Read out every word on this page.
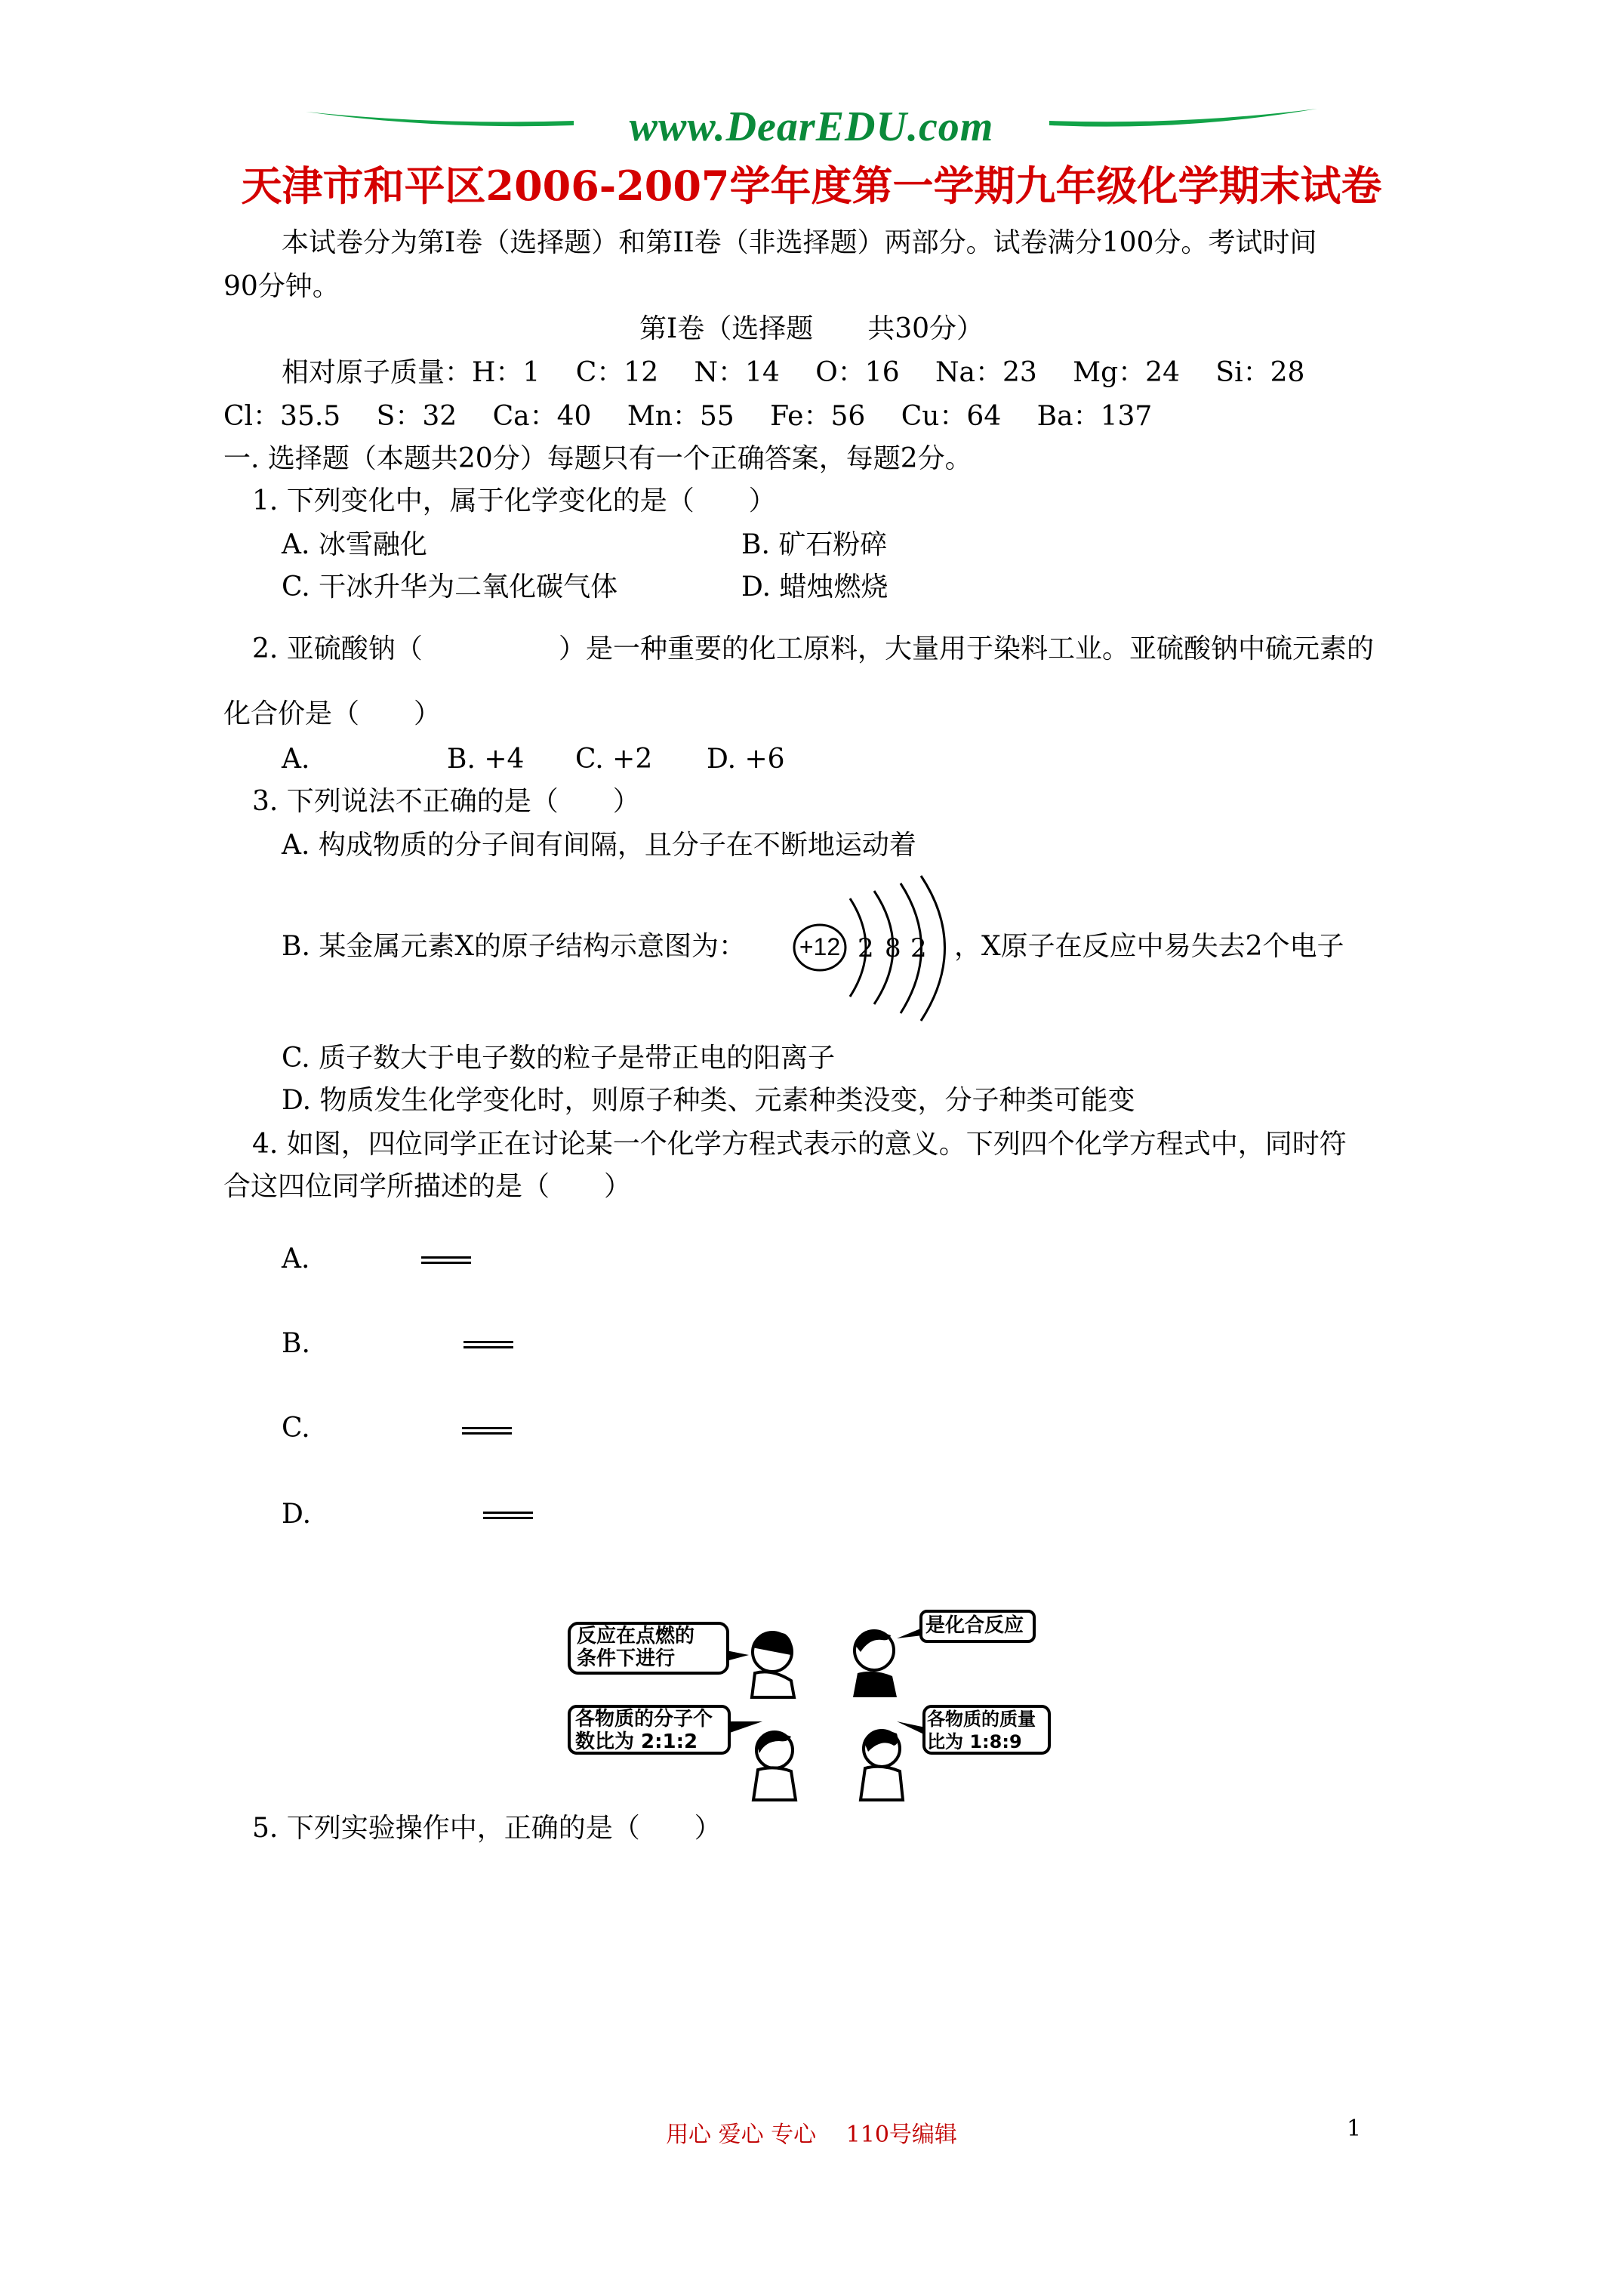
www.DearEDU.com
天津市和平区2006-2007学年度第一学期九年级化学期末试卷
本试卷分为第Ⅰ卷（选择题）和第II卷（非选择题）两部分。试卷满分100分。考试时间
90分钟。
第Ⅰ卷（选择题　　共30分）
相对原子质量：H：1　 C：12　 N：14　 O：16　 Na：23　 Mg：24　 Si：28
Cl：35.5　 S：32　 Ca：40　 Mn：55　 Fe：56　 Cu：64　 Ba：137
一. 选择题（本题共20分）每题只有一个正确答案，每题2分。
1. 下列变化中，属于化学变化的是（　　）
A. 冰雪融化	B. 矿石粉碎
C. 干冰升华为二氧化碳气体	D. 蜡烛燃烧
2. 亚硫酸钠（	）是一种重要的化工原料，大量用于染料工业。亚硫酸钠中硫元素的
化合价是（　　）
A.	B. +4 C. +2 D. +6
3. 下列说法不正确的是（　　）
A. 构成物质的分子间有间隔，且分子在不断地运动着
B. 某金属元素X的原子结构示意图为： +12 2 8 2 ，X原子在反应中易失去2个电子
C. 质子数大于电子数的粒子是带正电的阳离子
D. 物质发生化学变化时，则原子种类、元素种类没变，分子种类可能变
4. 如图，四位同学正在讨论某一个化学方程式表示的意义。下列四个化学方程式中，同时符
合这四位同学所描述的是（　　）
A.
B.
C.
D.
反应在点燃的
条件下进行
是化合反应
各物质的分子个
数比为 2:1:2
各物质的质量
比为 1:8:9
5. 下列实验操作中，正确的是（　　）
用心 爱心 专心　 110号编辑	1
